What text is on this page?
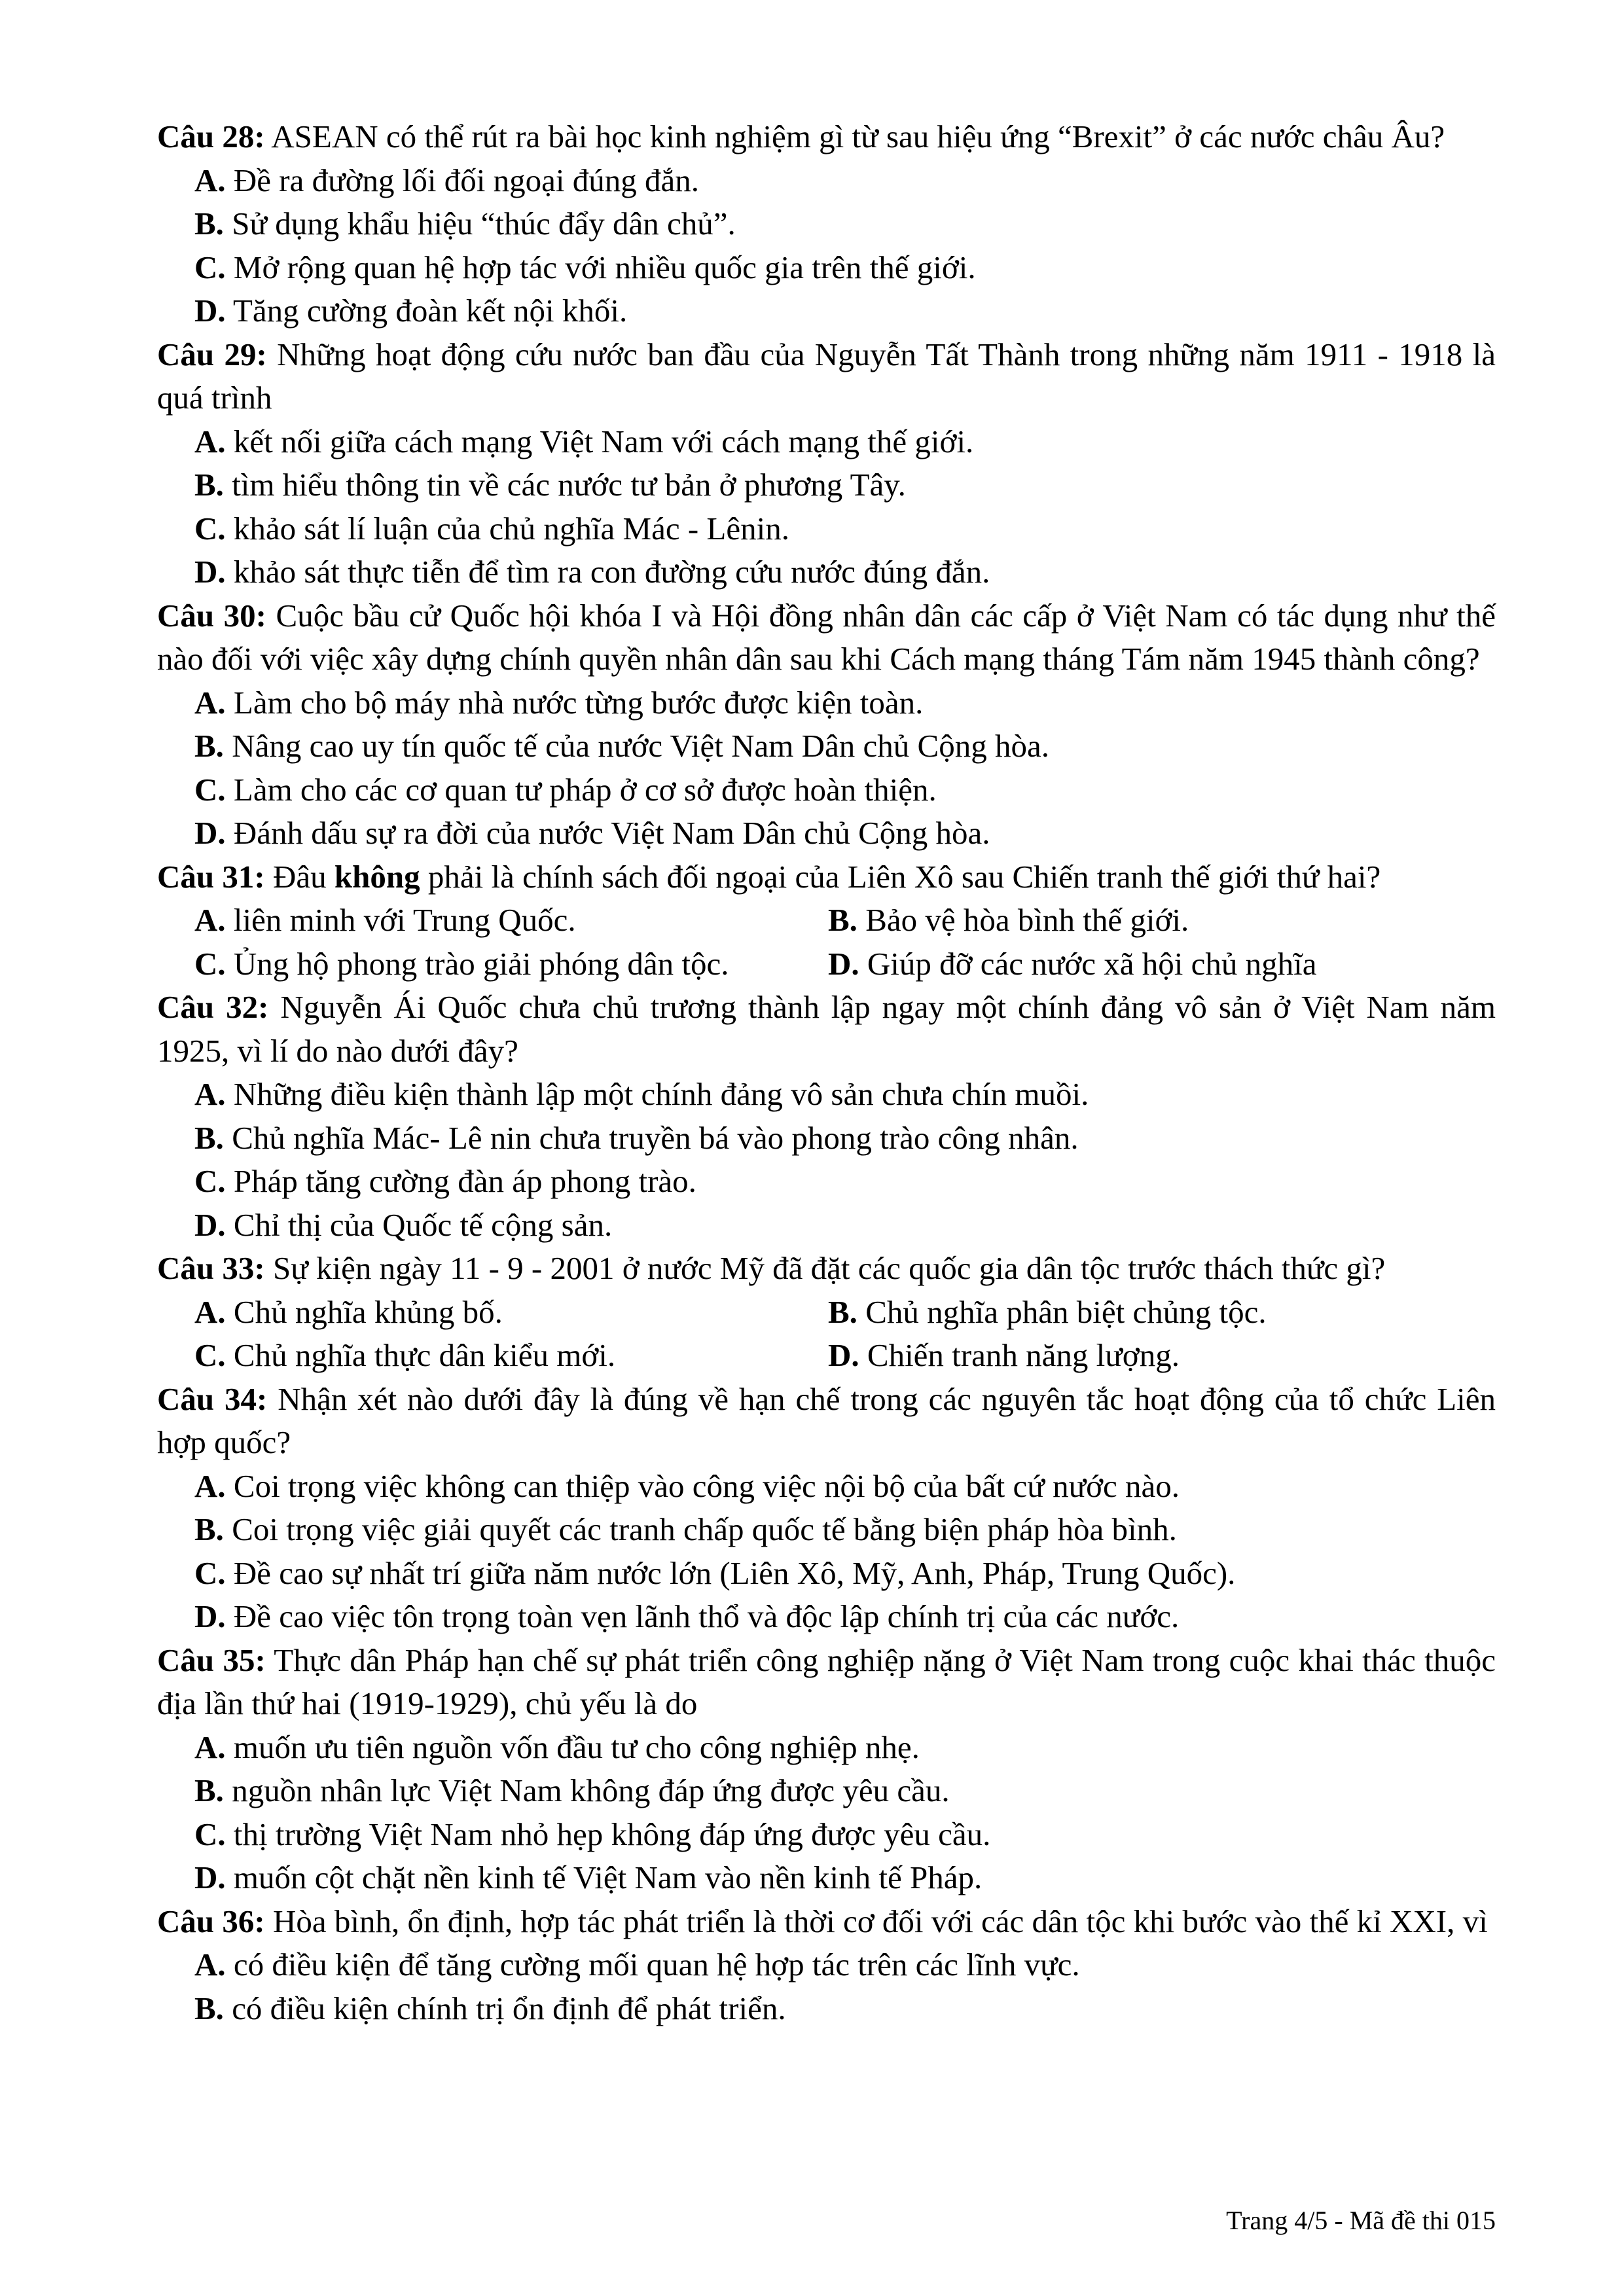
Câu 28: ASEAN có thể rút ra bài học kinh nghiệm gì từ sau hiệu ứng “Brexit” ở các nước châu Âu?

A. Đề ra đường lối đối ngoại đúng đắn.

B. Sử dụng khẩu hiệu “thúc đẩy dân chủ”.

C. Mở rộng quan hệ hợp tác với nhiều quốc gia trên thế giới.

D. Tăng cường đoàn kết nội khối.

Câu 29: Những hoạt động cứu nước ban đầu của Nguyễn Tất Thành trong những năm 1911 - 1918 là quá trình

A. kết nối giữa cách mạng Việt Nam với cách mạng thế giới.

B. tìm hiểu thông tin về các nước tư bản ở phương Tây.

C. khảo sát lí luận của chủ nghĩa Mác - Lênin.

D. khảo sát thực tiễn để tìm ra con đường cứu nước đúng đắn.

Câu 30: Cuộc bầu cử Quốc hội khóa I và Hội đồng nhân dân các cấp ở Việt Nam có tác dụng như thế nào đối với việc xây dựng chính quyền nhân dân sau khi Cách mạng tháng Tám năm 1945 thành công?

A. Làm cho bộ máy nhà nước từng bước được kiện toàn.

B. Nâng cao uy tín quốc tế của nước Việt Nam Dân chủ Cộng hòa.

C. Làm cho các cơ quan tư pháp ở cơ sở được hoàn thiện.

D. Đánh dấu sự ra đời của nước Việt Nam Dân chủ Cộng hòa.

Câu 31: Đâu không phải là chính sách đối ngoại của Liên Xô sau Chiến tranh thế giới thứ hai?

A. liên minh với Trung Quốc.	B. Bảo vệ hòa bình thế giới.
C. Ủng hộ phong trào giải phóng dân tộc.	D. Giúp đỡ các nước xã hội chủ nghĩa

Câu 32: Nguyễn Ái Quốc chưa chủ trương thành lập ngay một chính đảng vô sản ở Việt Nam năm 1925, vì lí do nào dưới đây?

A. Những điều kiện thành lập một chính đảng vô sản chưa chín muồi.

B. Chủ nghĩa Mác- Lê nin chưa truyền bá vào phong trào công nhân.

C. Pháp tăng cường đàn áp phong trào.

D. Chỉ thị của Quốc tế cộng sản.

Câu 33: Sự kiện ngày 11 - 9 - 2001 ở nước Mỹ đã đặt các quốc gia dân tộc trước thách thức gì?

A. Chủ nghĩa khủng bố.	B. Chủ nghĩa phân biệt chủng tộc.
C. Chủ nghĩa thực dân kiểu mới.	D. Chiến tranh năng lượng.

Câu 34: Nhận xét nào dưới đây là đúng về hạn chế trong các nguyên tắc hoạt động của tổ chức Liên hợp quốc?

A. Coi trọng việc không can thiệp vào công việc nội bộ của bất cứ nước nào.

B. Coi trọng việc giải quyết các tranh chấp quốc tế bằng biện pháp hòa bình.

C. Đề cao sự nhất trí giữa năm nước lớn (Liên Xô, Mỹ, Anh, Pháp, Trung Quốc).

D. Đề cao việc tôn trọng toàn vẹn lãnh thổ và độc lập chính trị của các nước.

Câu 35: Thực dân Pháp hạn chế sự phát triển công nghiệp nặng ở Việt Nam trong cuộc khai thác thuộc địa lần thứ hai (1919-1929), chủ yếu là do

A. muốn ưu tiên nguồn vốn đầu tư cho công nghiệp nhẹ.

B. nguồn nhân lực Việt Nam không đáp ứng được yêu cầu.

C. thị trường Việt Nam nhỏ hẹp không đáp ứng được yêu cầu.

D. muốn cột chặt nền kinh tế Việt Nam vào nền kinh tế Pháp.

Câu 36: Hòa bình, ổn định, hợp tác phát triển là thời cơ đối với các dân tộc khi bước vào thế kỉ XXI, vì

A. có điều kiện để tăng cường mối quan hệ hợp tác trên các lĩnh vực.

B. có điều kiện chính trị ổn định để phát triển.

Trang 4/5 - Mã đề thi 015
